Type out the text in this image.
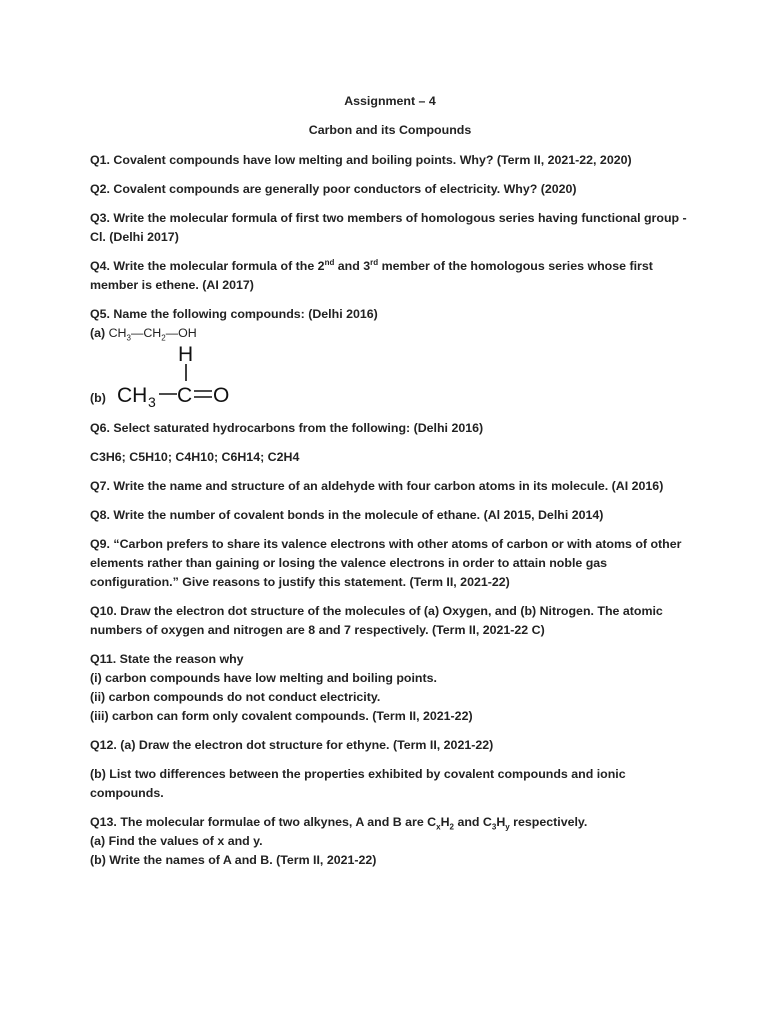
Assignment – 4

Carbon and its Compounds

Q1. Covalent compounds have low melting and boiling points. Why? (Term II, 2021-22, 2020)

Q2. Covalent compounds are generally poor conductors of electricity. Why? (2020)

Q3. Write the molecular formula of first two members of homologous series having functional group -Cl. (Delhi 2017)

Q4. Write the molecular formula of the 2nd and 3rd member of the homologous series whose first member is ethene. (AI 2017)

Q5. Name the following compounds: (Delhi 2016)

(a) $CH_3—CH_2—OH$

(b)
H
CH 3 C O

Q6. Select saturated hydrocarbons from the following: (Delhi 2016)

C3H6; C5H10; C4H10; C6H14; C2H4

Q7. Write the name and structure of an aldehyde with four carbon atoms in its molecule. (AI 2016)

Q8. Write the number of covalent bonds in the molecule of ethane. (Al 2015, Delhi 2014)

Q9. “Carbon prefers to share its valence electrons with other atoms of carbon or with atoms of other elements rather than gaining or losing the valence electrons in order to attain noble gas configuration.” Give reasons to justify this statement. (Term II, 2021-22)

Q10. Draw the electron dot structure of the molecules of (a) Oxygen, and (b) Nitrogen. The atomic numbers of oxygen and nitrogen are 8 and 7 respectively. (Term II, 2021-22 C)

Q11. State the reason why

(i) carbon compounds have low melting and boiling points.

(ii) carbon compounds do not conduct electricity.

(iii) carbon can form only covalent compounds. (Term II, 2021-22)

Q12. (a) Draw the electron dot structure for ethyne. (Term II, 2021-22)

(b) List two differences between the properties exhibited by covalent compounds and ionic compounds.

Q13. The molecular formulae of two alkynes, A and B are $C_xH_2$ and $C_3H_y$ respectively.

(a) Find the values of x and y.

(b) Write the names of A and B. (Term II, 2021-22)
